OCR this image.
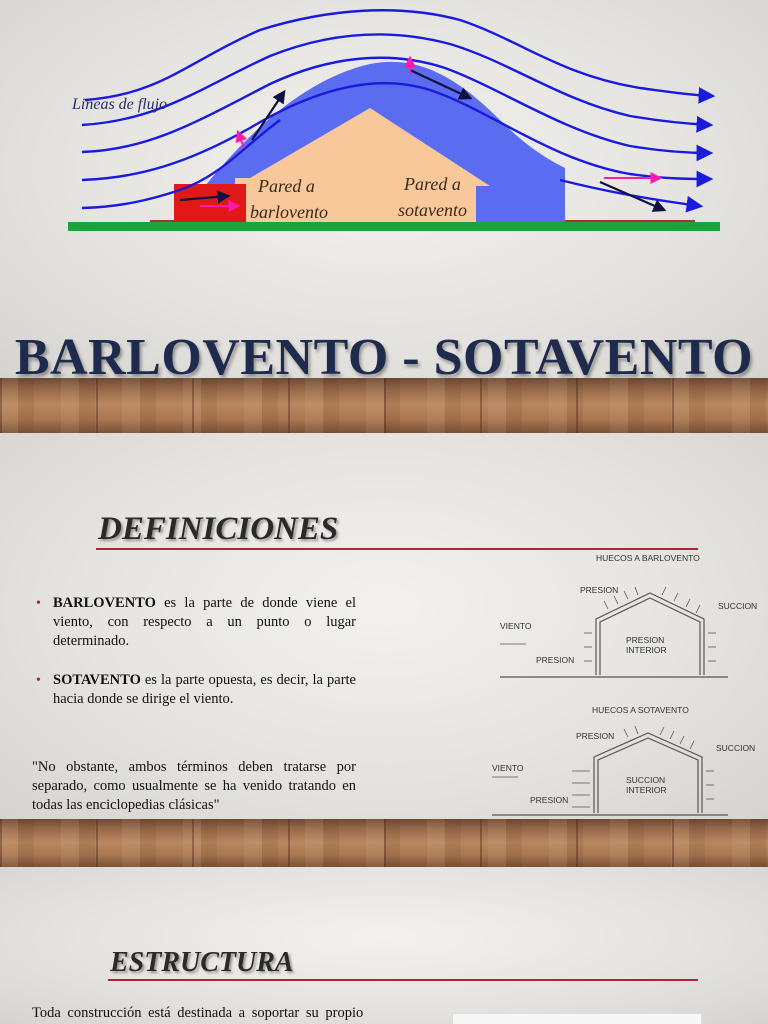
Lineas de flujo
Pared a
barlovento
Pared a
sotavento
BARLOVENTO - SOTAVENTO
DEFINICIONES
• BARLOVENTO es la parte de donde viene el viento, con respecto a un punto o lugar determinado.

• SOTAVENTO es la parte opuesta, es decir, la parte hacia donde se dirige el viento.

"No obstante, ambos términos deben tratarse por separado, como usualmente se ha venido tratando en todas las enciclopedias clásicas"

HUECOS A BARLOVENTO
PRESION
SUCCION
VIENTO
PRESION
PRESION
INTERIOR
HUECOS A SOTAVENTO
PRESION
SUCCION
VIENTO
PRESION
SUCCION
INTERIOR
ESTRUCTURA

Toda construcción está destinada a soportar su propio
